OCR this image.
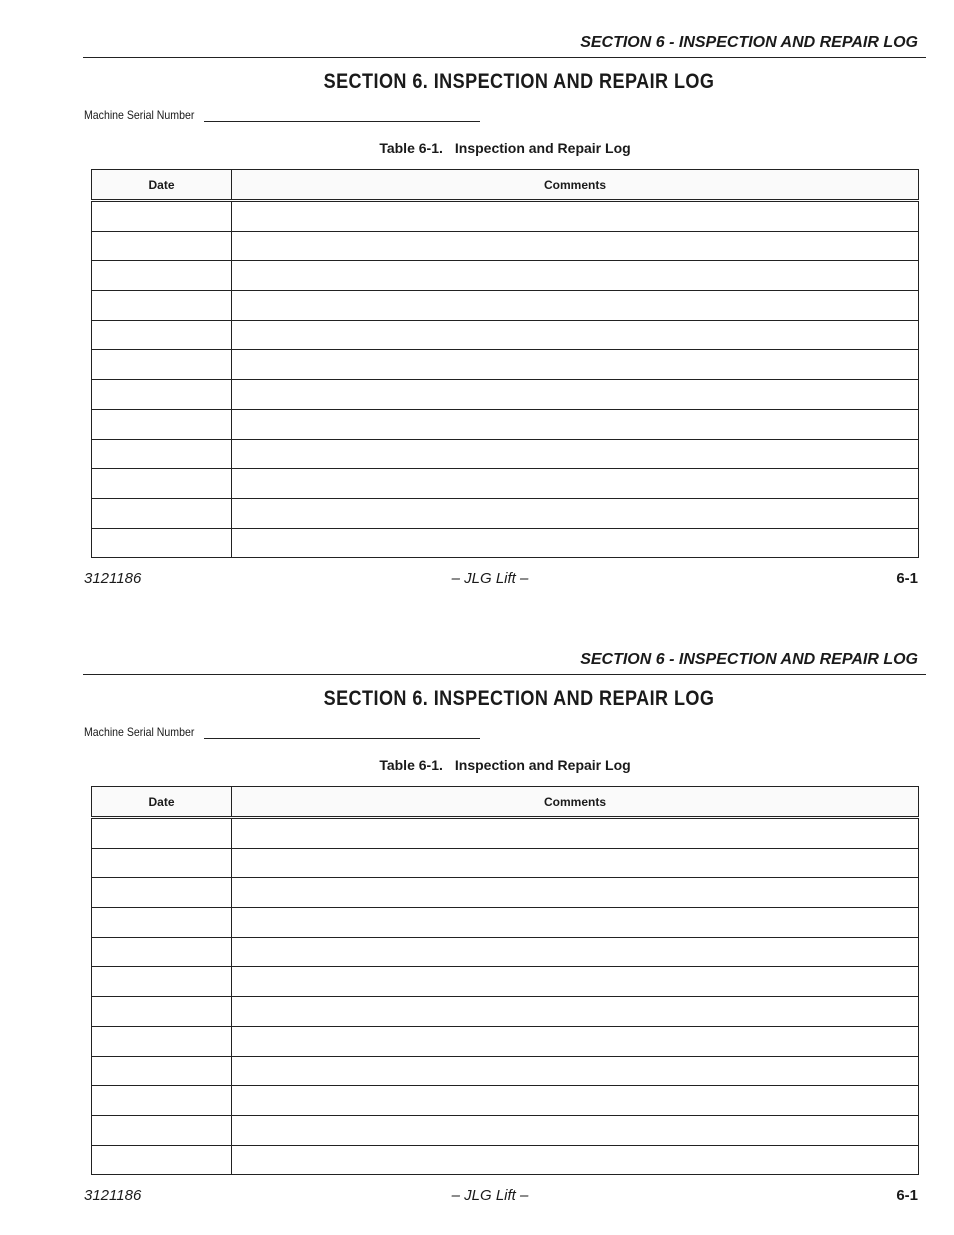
SECTION 6 - INSPECTION AND REPAIR LOG
SECTION 6. INSPECTION AND REPAIR LOG
Machine Serial Number
Table 6-1. Inspection and Repair Log
Date	Comments

3121186	– JLG Lift –	6-1
SECTION 6 - INSPECTION AND REPAIR LOG
SECTION 6. INSPECTION AND REPAIR LOG
Machine Serial Number
Table 6-1. Inspection and Repair Log
Date	Comments

3121186	– JLG Lift –	6-1
